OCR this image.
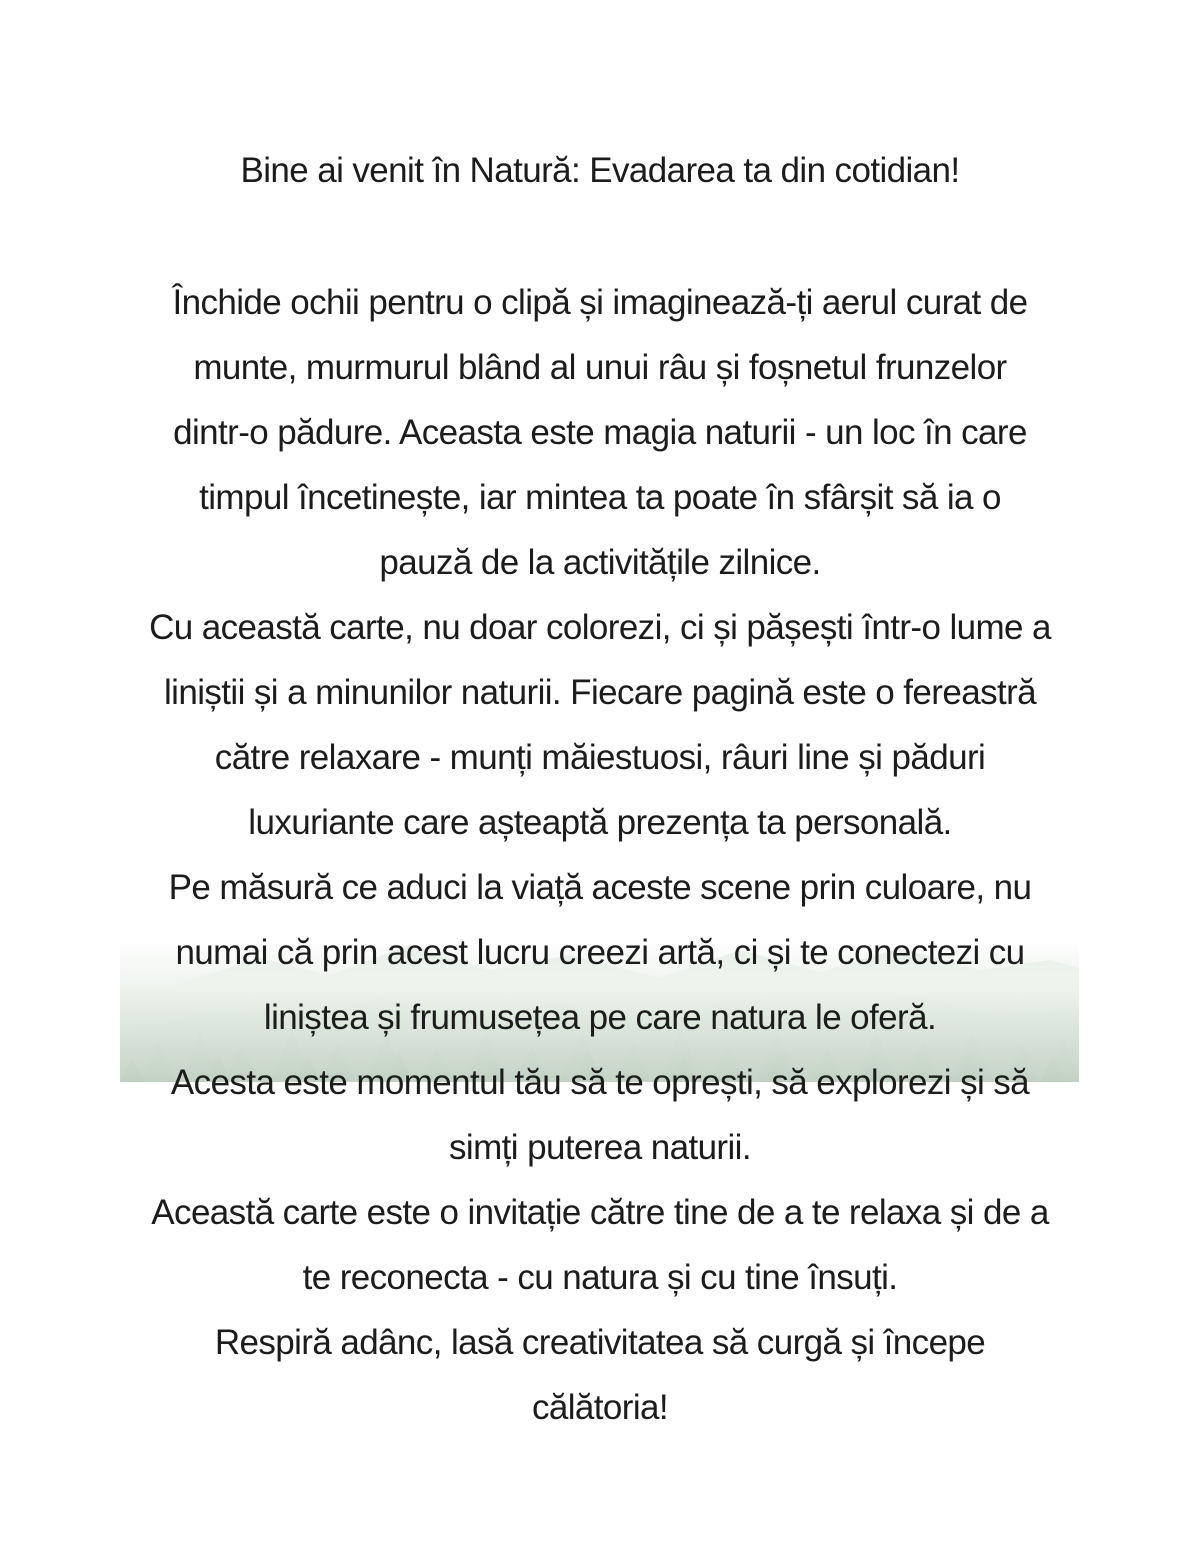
Bine ai venit în Natură: Evadarea ta din cotidian!

Închide ochii pentru o clipă și imaginează-ți aerul curat de
munte, murmurul blând al unui râu și foșnetul frunzelor
dintr-o pădure. Aceasta este magia naturii - un loc în care
timpul încetinește, iar mintea ta poate în sfârșit să ia o
pauză de la activitățile zilnice.

Cu această carte, nu doar colorezi, ci și pășești într-o lume a
liniștii și a minunilor naturii. Fiecare pagină este o fereastră
către relaxare - munți măiestuosi, râuri line și păduri
luxuriante care așteaptă prezența ta personală.

Pe măsură ce aduci la viață aceste scene prin culoare, nu
numai că prin acest lucru creezi artă, ci și te conectezi cu
liniștea și frumusețea pe care natura le oferă.

Acesta este momentul tău să te oprești, să explorezi și să
simți puterea naturii.

Această carte este o invitație către tine de a te relaxa și de a
te reconecta - cu natura și cu tine însuți.

Respiră adânc, lasă creativitatea să curgă și începe
călătoria!
